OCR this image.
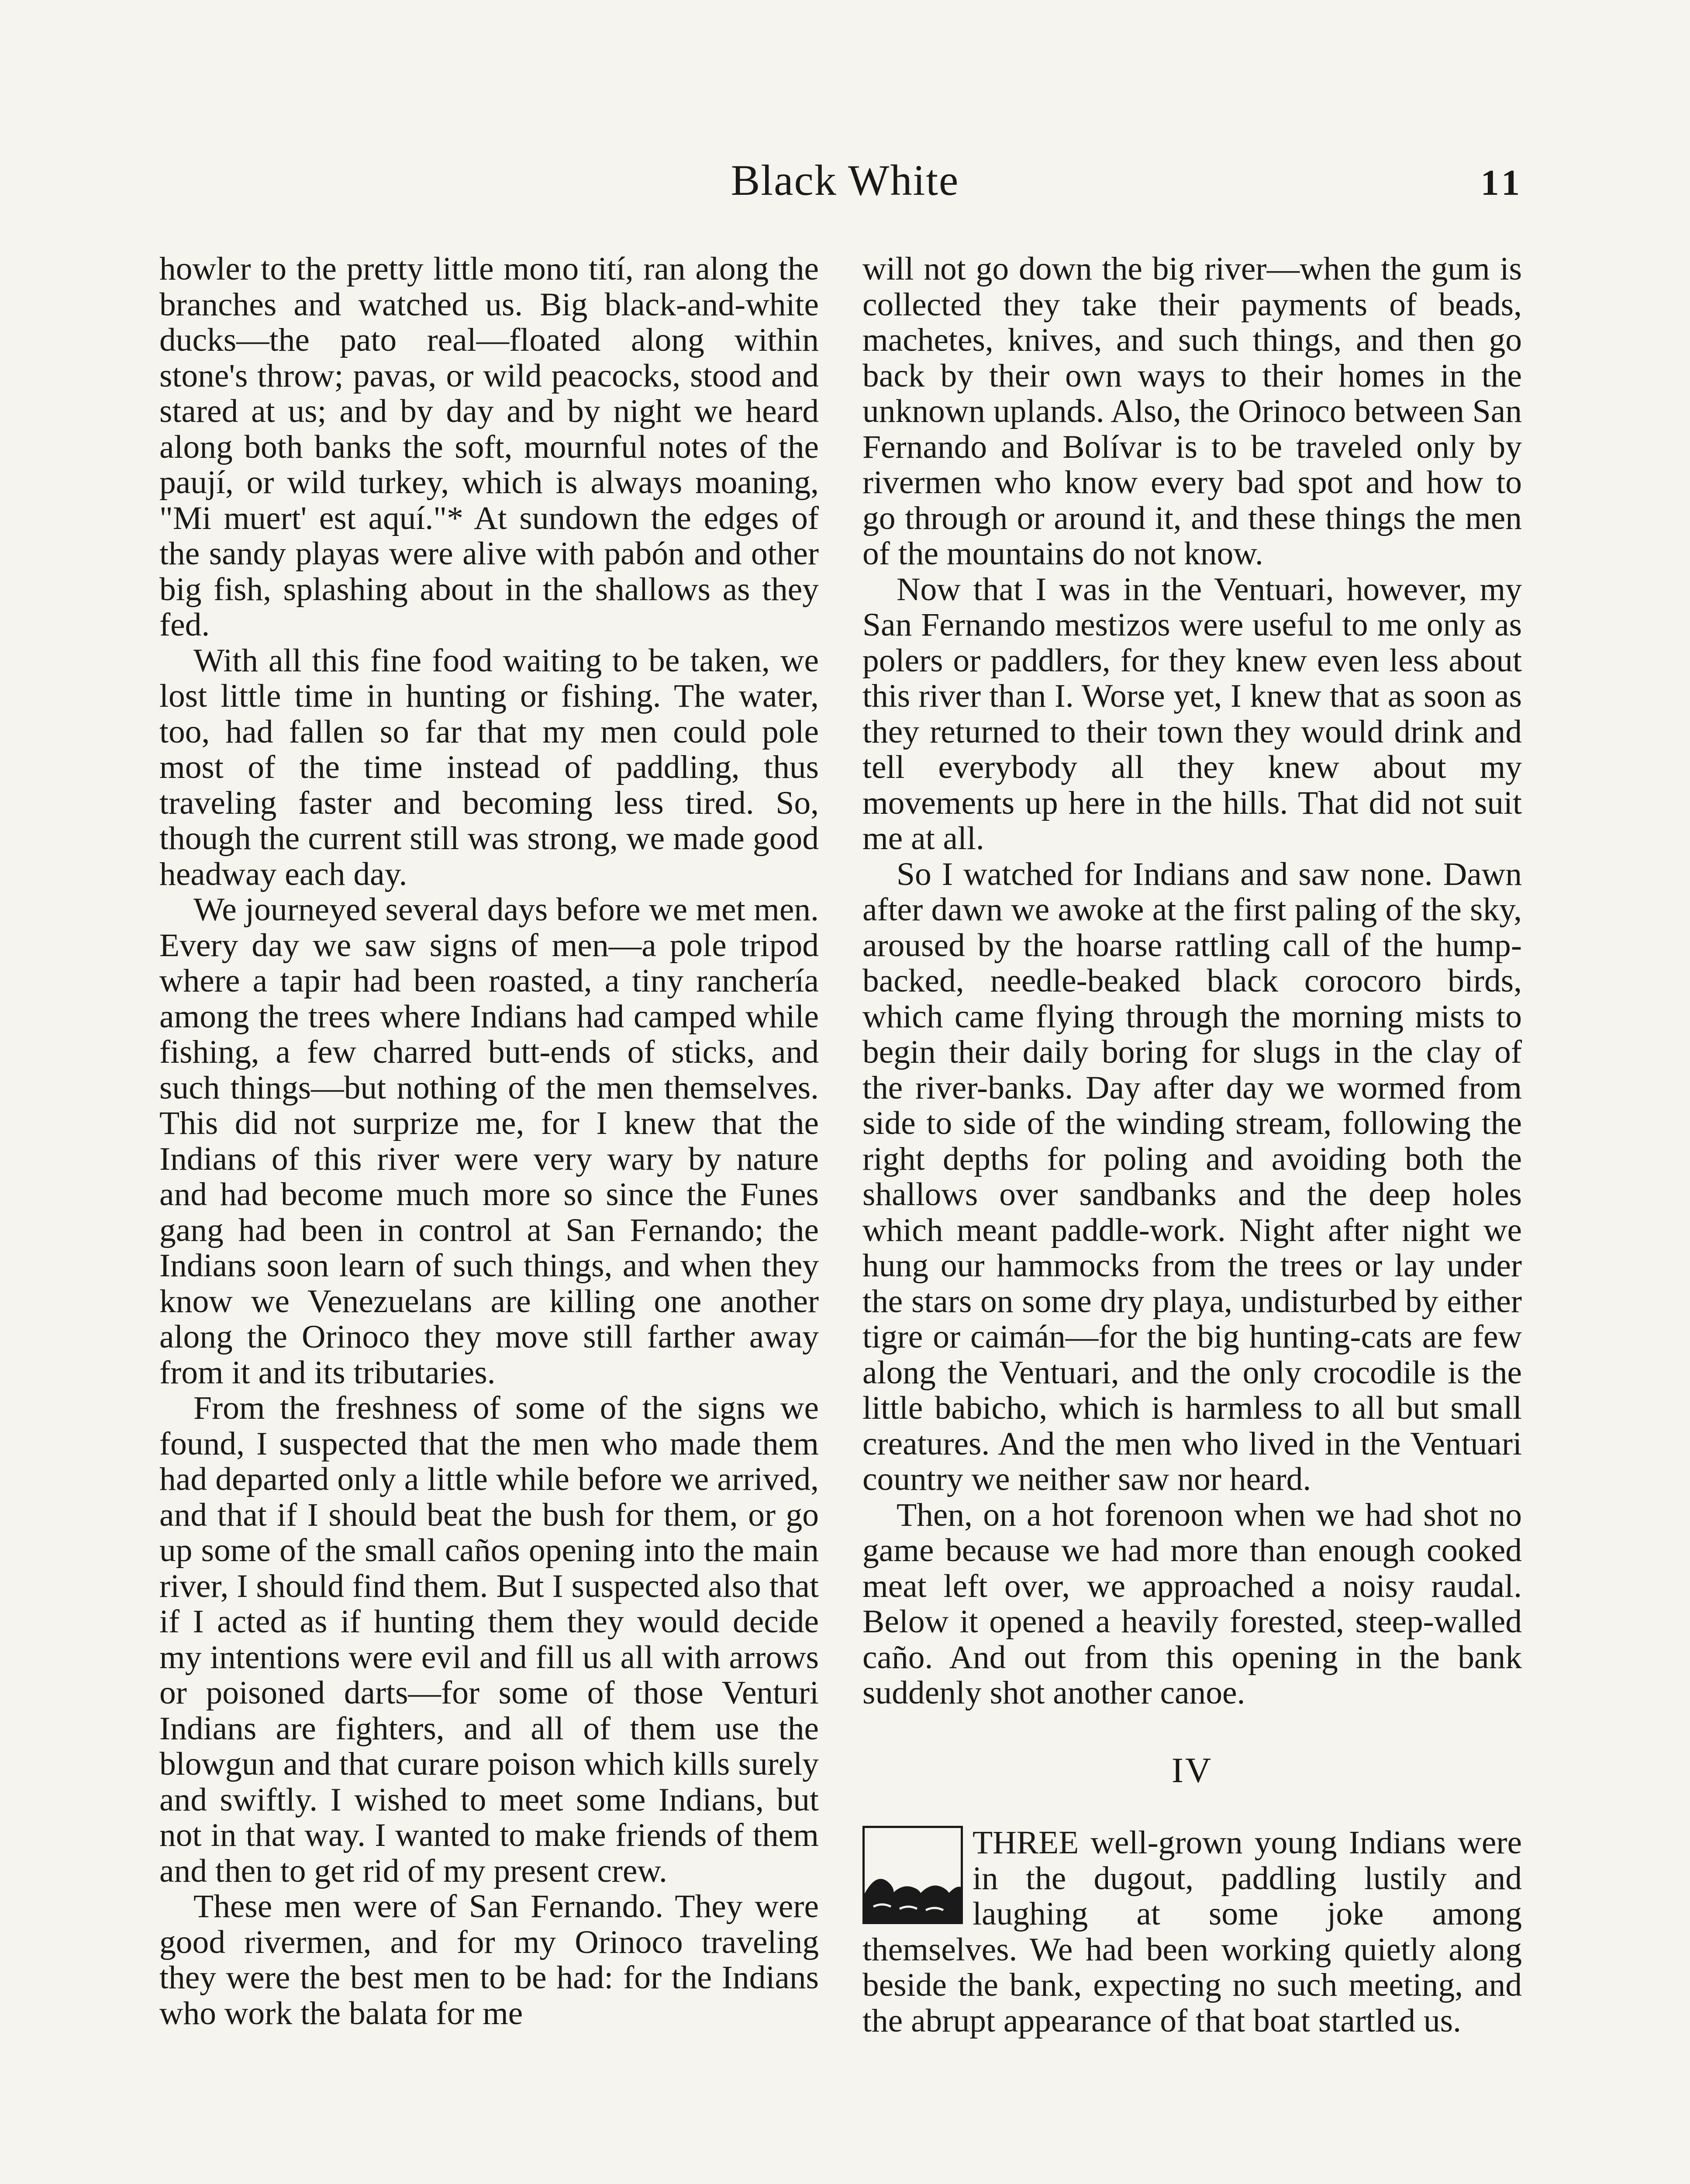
Black White	11

howler to the pretty little mono tití, ran along the branches and watched us. Big black-and-white ducks—the pato real—floated along within stone's throw; pavas, or wild peacocks, stood and stared at us; and by day and by night we heard along both banks the soft, mournful notes of the paují, or wild turkey, which is always moaning, "Mi muert' est aquí."* At sundown the edges of the sandy playas were alive with pabón and other big fish, splashing about in the shallows as they fed.

With all this fine food waiting to be taken, we lost little time in hunting or fishing. The water, too, had fallen so far that my men could pole most of the time instead of paddling, thus traveling faster and becoming less tired. So, though the current still was strong, we made good headway each day.

We journeyed several days before we met men. Every day we saw signs of men—a pole tripod where a tapir had been roasted, a tiny ranchería among the trees where Indians had camped while fishing, a few charred butt-ends of sticks, and such things—but nothing of the men themselves. This did not surprize me, for I knew that the Indians of this river were very wary by nature and had become much more so since the Funes gang had been in control at San Fernando; the Indians soon learn of such things, and when they know we Venezuelans are killing one another along the Orinoco they move still farther away from it and its tributaries.

From the freshness of some of the signs we found, I suspected that the men who made them had departed only a little while before we arrived, and that if I should beat the bush for them, or go up some of the small caños opening into the main river, I should find them. But I suspected also that if I acted as if hunting them they would decide my intentions were evil and fill us all with arrows or poisoned darts—for some of those Venturi Indians are fighters, and all of them use the blowgun and that curare poison which kills surely and swiftly. I wished to meet some Indians, but not in that way. I wanted to make friends of them and then to get rid of my present crew.

These men were of San Fernando. They were good rivermen, and for my Orinoco traveling they were the best men to be had: for the Indians who work the balata for me

will not go down the big river—when the gum is collected they take their payments of beads, machetes, knives, and such things, and then go back by their own ways to their homes in the unknown uplands. Also, the Orinoco between San Fernando and Bolívar is to be traveled only by rivermen who know every bad spot and how to go through or around it, and these things the men of the mountains do not know.

Now that I was in the Ventuari, however, my San Fernando mestizos were useful to me only as polers or paddlers, for they knew even less about this river than I. Worse yet, I knew that as soon as they returned to their town they would drink and tell everybody all they knew about my movements up here in the hills. That did not suit me at all.

So I watched for Indians and saw none. Dawn after dawn we awoke at the first paling of the sky, aroused by the hoarse rattling call of the hump-backed, needle-beaked black corocoro birds, which came flying through the morning mists to begin their daily boring for slugs in the clay of the river-banks. Day after day we wormed from side to side of the winding stream, following the right depths for poling and avoiding both the shallows over sandbanks and the deep holes which meant paddle-work. Night after night we hung our hammocks from the trees or lay under the stars on some dry playa, undisturbed by either tigre or caimán—for the big hunting-cats are few along the Ventuari, and the only crocodile is the little babicho, which is harmless to all but small creatures. And the men who lived in the Ventuari country we neither saw nor heard.

Then, on a hot forenoon when we had shot no game because we had more than enough cooked meat left over, we approached a noisy raudal. Below it opened a heavily forested, steep-walled caño. And out from this opening in the bank suddenly shot another canoe.

IV

THREE well-grown young Indians were in the dugout, paddling lustily and laughing at some joke among themselves. We had been working quietly along beside the bank, expecting no such meeting, and the abrupt appearance of that boat startled us.
